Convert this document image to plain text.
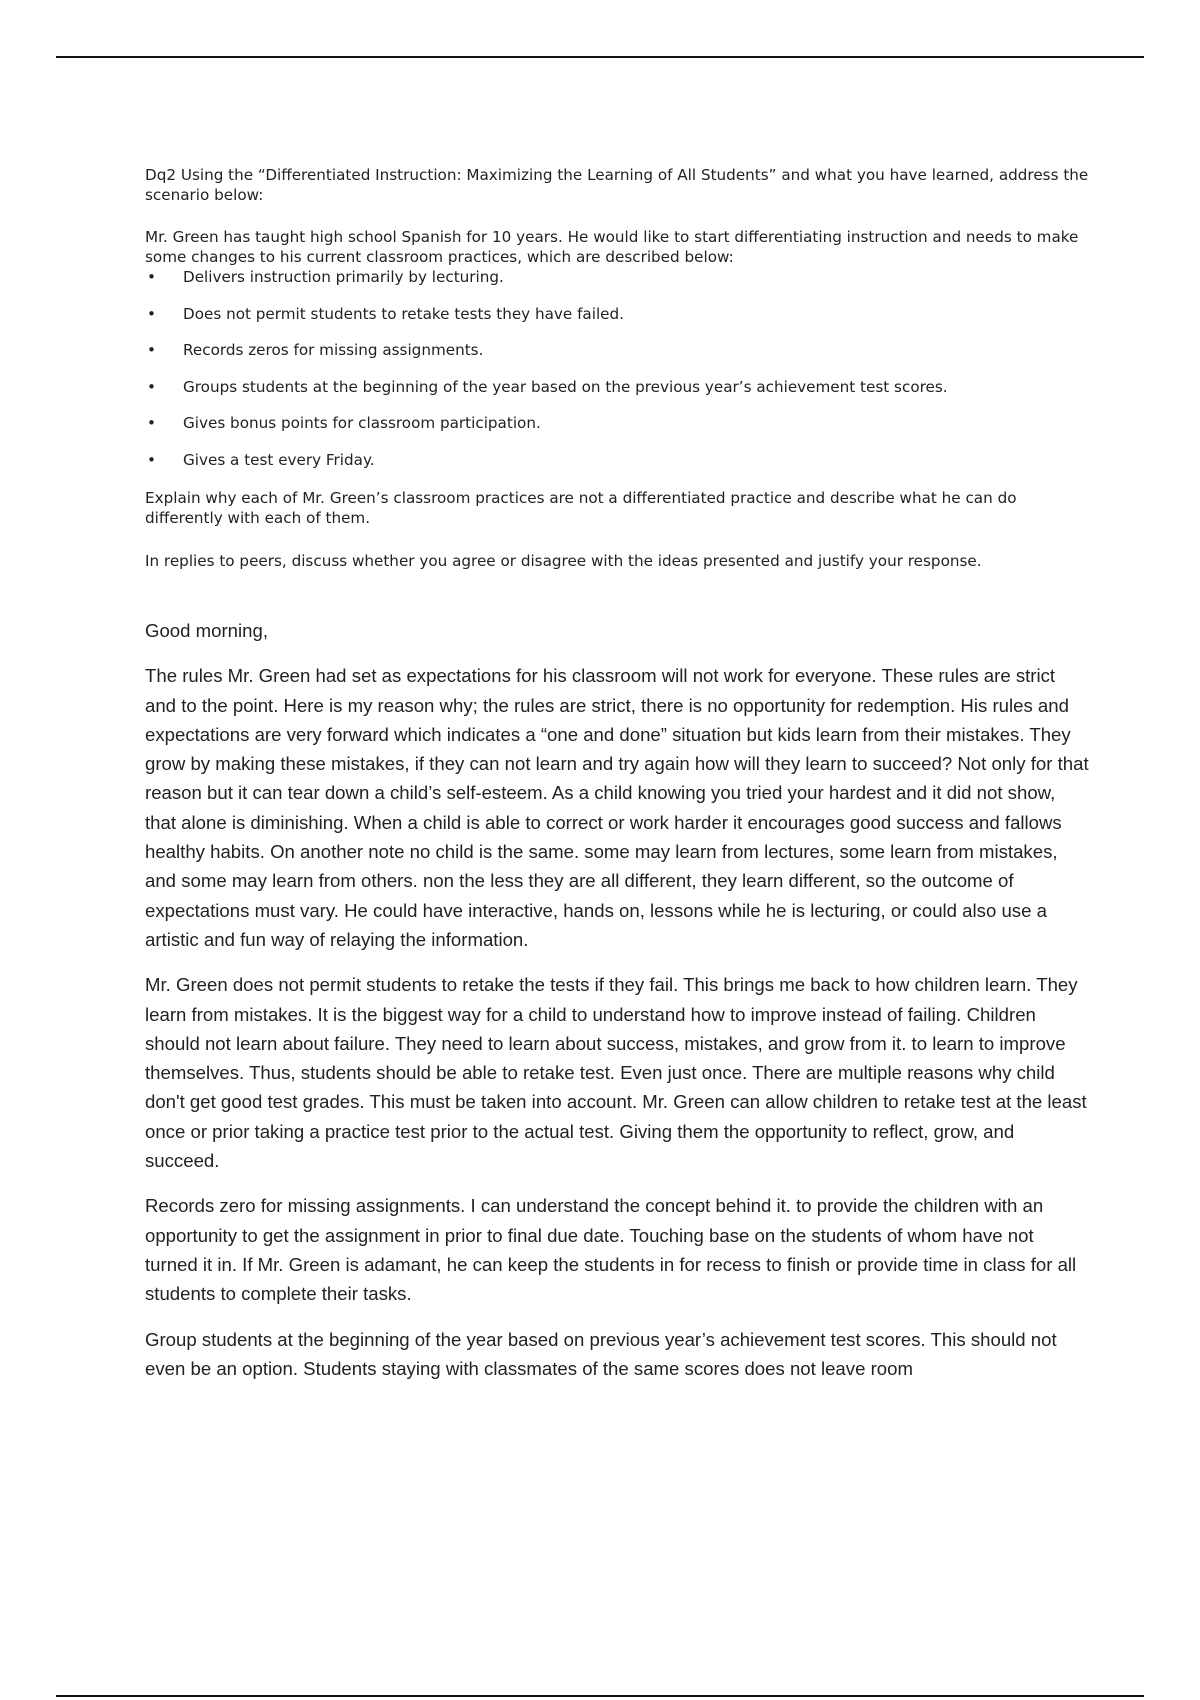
Dq2 Using the “Differentiated Instruction: Maximizing the Learning of All Students” and what you have learned, address the scenario below:

Mr. Green has taught high school Spanish for 10 years. He would like to start differentiating instruction and needs to make some changes to his current classroom practices, which are described below:

• Delivers instruction primarily by lecturing.
• Does not permit students to retake tests they have failed.
• Records zeros for missing assignments.
• Groups students at the beginning of the year based on the previous year’s achievement test scores.
• Gives bonus points for classroom participation.
• Gives a test every Friday.

Explain why each of Mr. Green’s classroom practices are not a differentiated practice and describe what he can do differently with each of them.

In replies to peers, discuss whether you agree or disagree with the ideas presented and justify your response.

Good morning,

The rules Mr. Green had set as expectations for his classroom will not work for everyone. These rules are strict and to the point. Here is my reason why; the rules are strict, there is no opportunity for redemption. His rules and expectations are very forward which indicates a “one and done” situation but kids learn from their mistakes. They grow by making these mistakes, if they can not learn and try again how will they learn to succeed? Not only for that reason but it can tear down a child’s self-esteem. As a child knowing you tried your hardest and it did not show, that alone is diminishing. When a child is able to correct or work harder it encourages good success and fallows healthy habits. On another note no child is the same. some may learn from lectures, some learn from mistakes, and some may learn from others. non the less they are all different, they learn different, so the outcome of expectations must vary. He could have interactive, hands on, lessons while he is lecturing, or could also use a artistic and fun way of relaying the information.

Mr. Green does not permit students to retake the tests if they fail. This brings me back to how children learn. They learn from mistakes. It is the biggest way for a child to understand how to improve instead of failing. Children should not learn about failure. They need to learn about success, mistakes, and grow from it. to learn to improve themselves. Thus, students should be able to retake test. Even just once. There are multiple reasons why child don't get good test grades. This must be taken into account. Mr. Green can allow children to retake test at the least once or prior taking a practice test prior to the actual test. Giving them the opportunity to reflect, grow, and succeed.

Records zero for missing assignments. I can understand the concept behind it. to provide the children with an opportunity to get the assignment in prior to final due date. Touching base on the students of whom have not turned it in. If Mr. Green is adamant, he can keep the students in for recess to finish or provide time in class for all students to complete their tasks.

Group students at the beginning of the year based on previous year’s achievement test scores. This should not even be an option. Students staying with classmates of the same scores does not leave room
